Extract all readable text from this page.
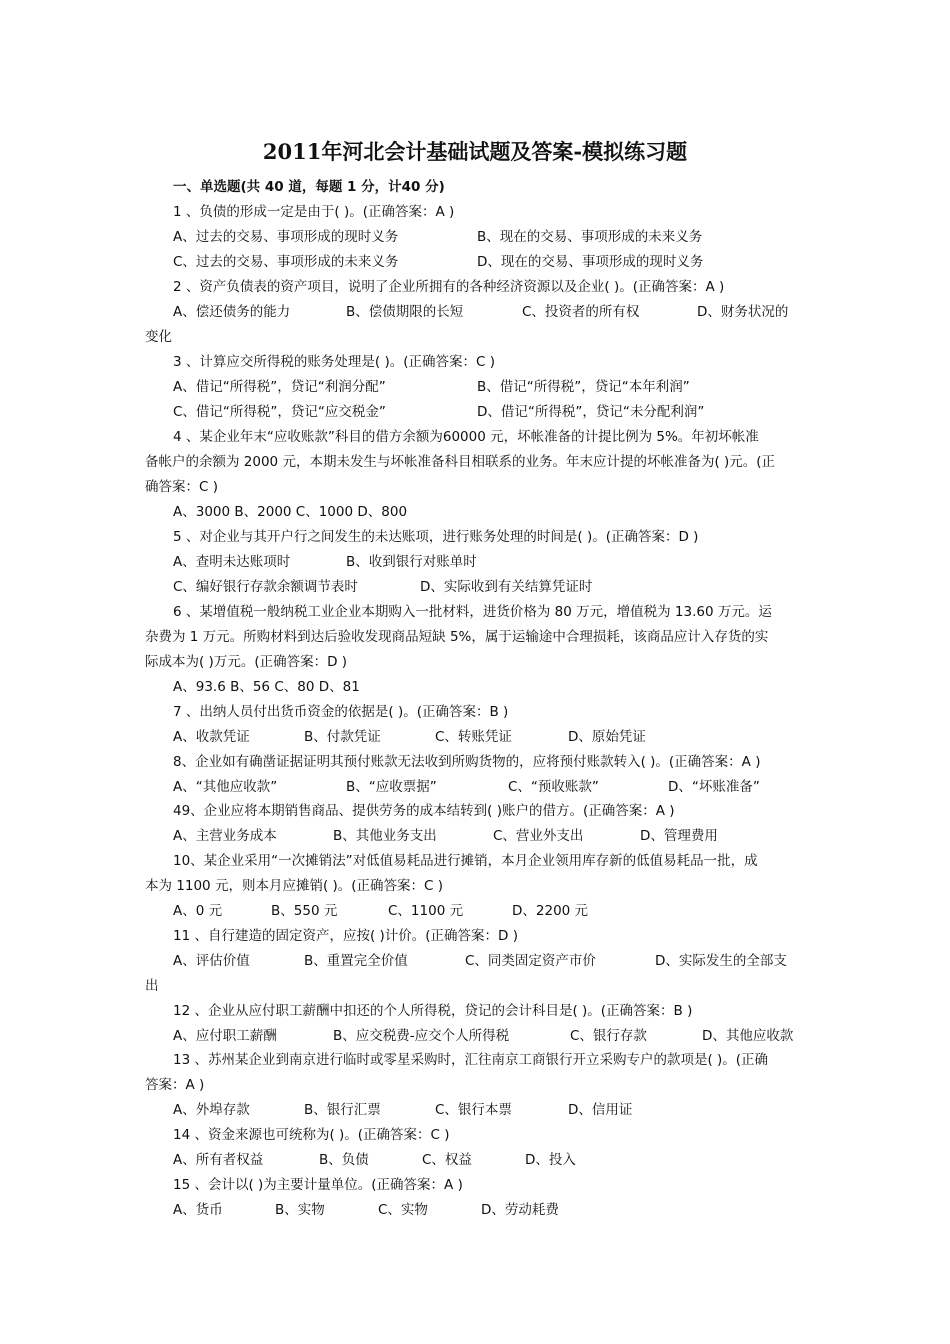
2011年河北会计基础试题及答案-模拟练习题
一、单选题(共 40 道，每题 1 分，计40 分)
1 、负债的形成一定是由于( )。(正确答案：A )
A、过去的交易、事项形成的现时义务	B、现在的交易、事项形成的未来义务
C、过去的交易、事项形成的未来义务	D、现在的交易、事项形成的现时义务
2 、资产负债表的资产项目，说明了企业所拥有的各种经济资源以及企业( )。(正确答案：A )
A、偿还债务的能力	B、偿债期限的长短	C、投资者的所有权	D、财务状况的
变化
3 、计算应交所得税的账务处理是( )。(正确答案：C )
A、借记“所得税”，贷记“利润分配”	B、借记“所得税”，贷记“本年利润”
C、借记“所得税”，贷记“应交税金”	D、借记“所得税”，贷记“未分配利润”
4 、某企业年末“应收账款”科目的借方余额为60000 元，坏帐准备的计提比例为 5%。年初坏帐准
备帐户的余额为 2000 元，本期未发生与坏帐准备科目相联系的业务。年末应计提的坏帐准备为( )元。(正
确答案：C )
A、3000 B、2000 C、1000 D、800
5 、对企业与其开户行之间发生的未达账项，进行账务处理的时间是( )。(正确答案：D )
A、查明未达账项时	B、收到银行对账单时
C、编好银行存款余额调节表时	D、实际收到有关结算凭证时
6 、某增值税一般纳税工业企业本期购入一批材料，进货价格为 80 万元，增值税为 13.60 万元。运
杂费为 1 万元。所购材料到达后验收发现商品短缺 5%，属于运输途中合理损耗，该商品应计入存货的实
际成本为( )万元。(正确答案：D )
A、93.6 B、56 C、80 D、81
7 、出纳人员付出货币资金的依据是( )。(正确答案：B )
A、收款凭证	B、付款凭证	C、转账凭证	D、原始凭证
8、企业如有确凿证据证明其预付账款无法收到所购货物的，应将预付账款转入( )。(正确答案：A )
A、“其他应收款”	B、“应收票据”	C、“预收账款”	D、“坏账准备”
49、企业应将本期销售商品、提供劳务的成本结转到( )账户的借方。(正确答案：A )
A、主营业务成本	B、其他业务支出	C、营业外支出	D、管理费用
10、某企业采用“一次摊销法”对低值易耗品进行摊销，本月企业领用库存新的低值易耗品一批，成
本为 1100 元，则本月应摊销( )。(正确答案：C )
A、0 元	B、550 元	C、1100 元	D、2200 元
11 、自行建造的固定资产，应按( )计价。(正确答案：D )
A、评估价值	B、重置完全价值	C、同类固定资产市价	D、实际发生的全部支
出
12 、企业从应付职工薪酬中扣还的个人所得税，贷记的会计科目是( )。(正确答案：B )
A、应付职工薪酬	B、应交税费-应交个人所得税	C、银行存款	D、其他应收款
13 、苏州某企业到南京进行临时或零星采购时，汇往南京工商银行开立采购专户的款项是( )。(正确
答案：A )
A、外埠存款	B、银行汇票	C、银行本票	D、信用证
14 、资金来源也可统称为( )。(正确答案：C )
A、所有者权益	B、负债	C、权益	D、投入
15 、会计以( )为主要计量单位。(正确答案：A )
A、货币	B、实物	C、实物	D、劳动耗费
